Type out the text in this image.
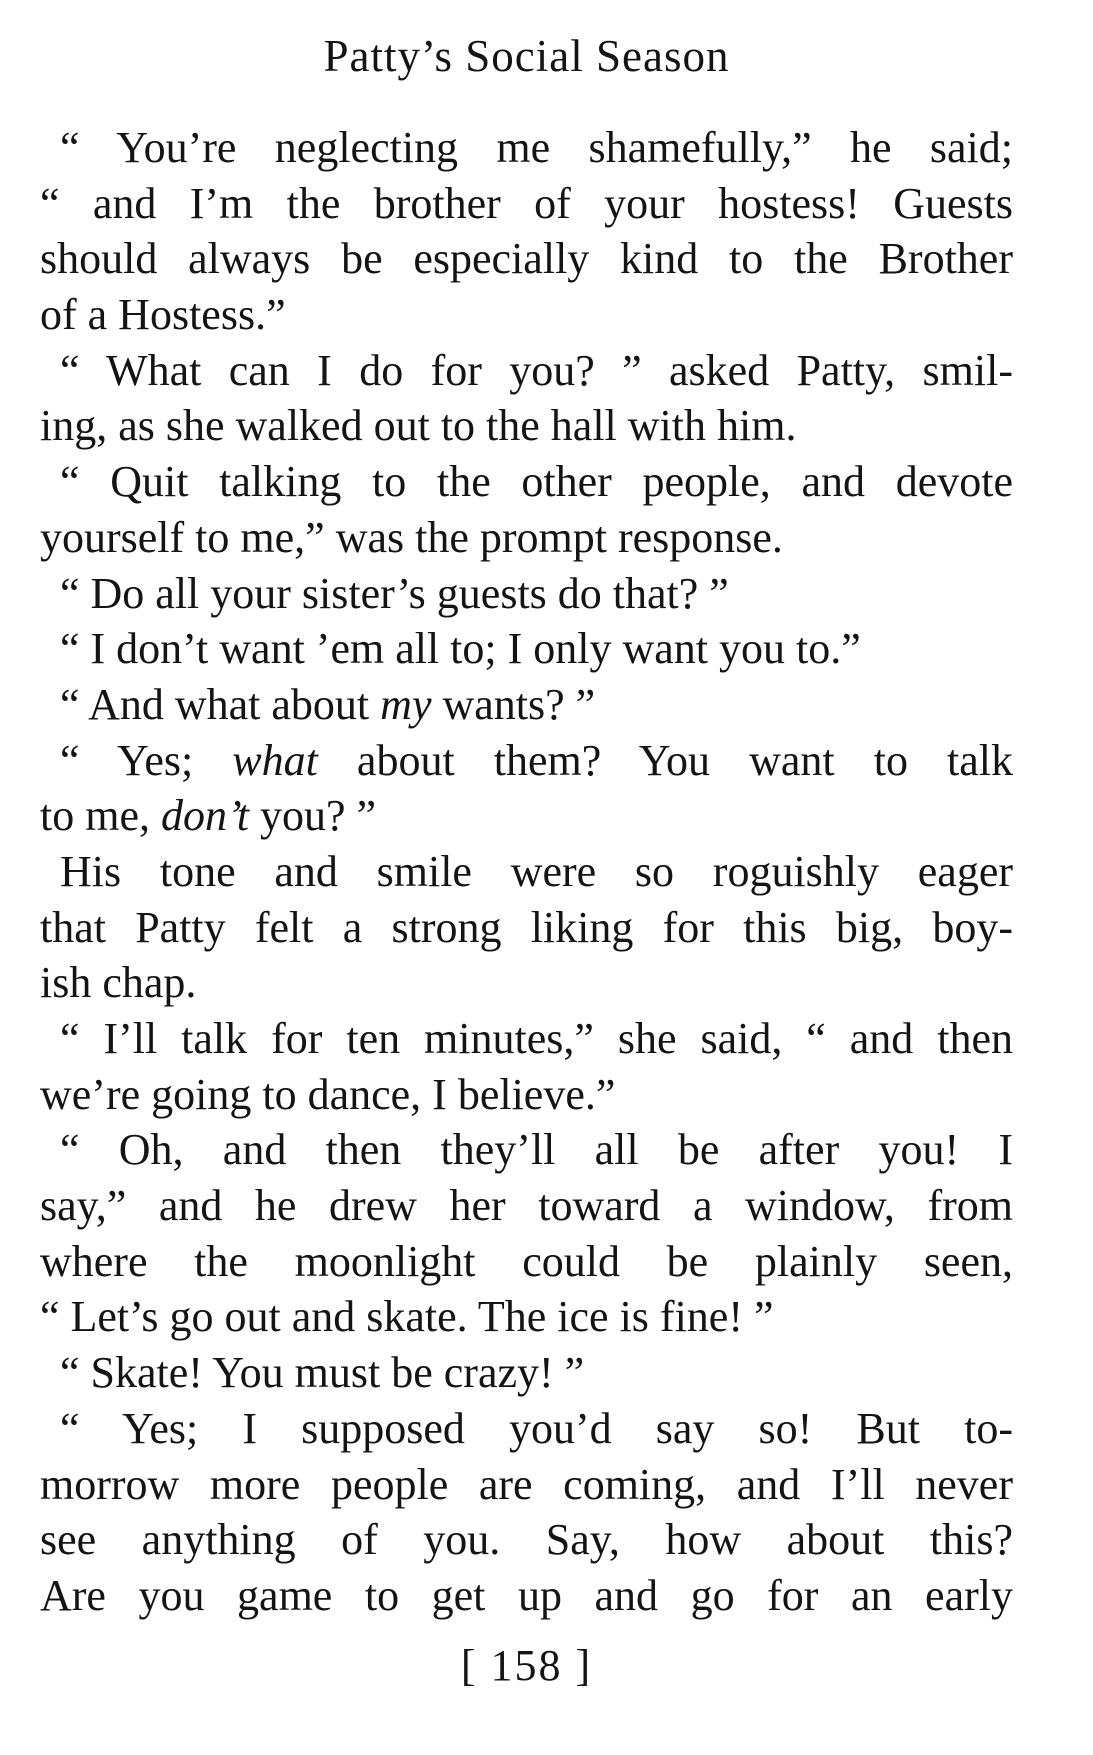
Patty’s Social Season
“ You’re neglecting me shamefully,” he said;
“ and I’m the brother of your hostess! Guests
should always be especially kind to the Brother
of a Hostess.”
“ What can I do for you? ” asked Patty, smil-
ing, as she walked out to the hall with him.
“ Quit talking to the other people, and devote
yourself to me,” was the prompt response.
“ Do all your sister’s guests do that? ”
“ I don’t want ’em all to; I only want you to.”
“ And what about my wants? ”
“ Yes; what about them? You want to talk
to me, don’t you? ”
His tone and smile were so roguishly eager
that Patty felt a strong liking for this big, boy-
ish chap.
“ I’ll talk for ten minutes,” she said, “ and then
we’re going to dance, I believe.”
“ Oh, and then they’ll all be after you! I
say,” and he drew her toward a window, from
where the moonlight could be plainly seen,
“ Let’s go out and skate. The ice is fine! ”
“ Skate! You must be crazy! ”
“ Yes; I supposed you’d say so! But to-
morrow more people are coming, and I’ll never
see anything of you. Say, how about this?
Are you game to get up and go for an early
[ 158 ]
